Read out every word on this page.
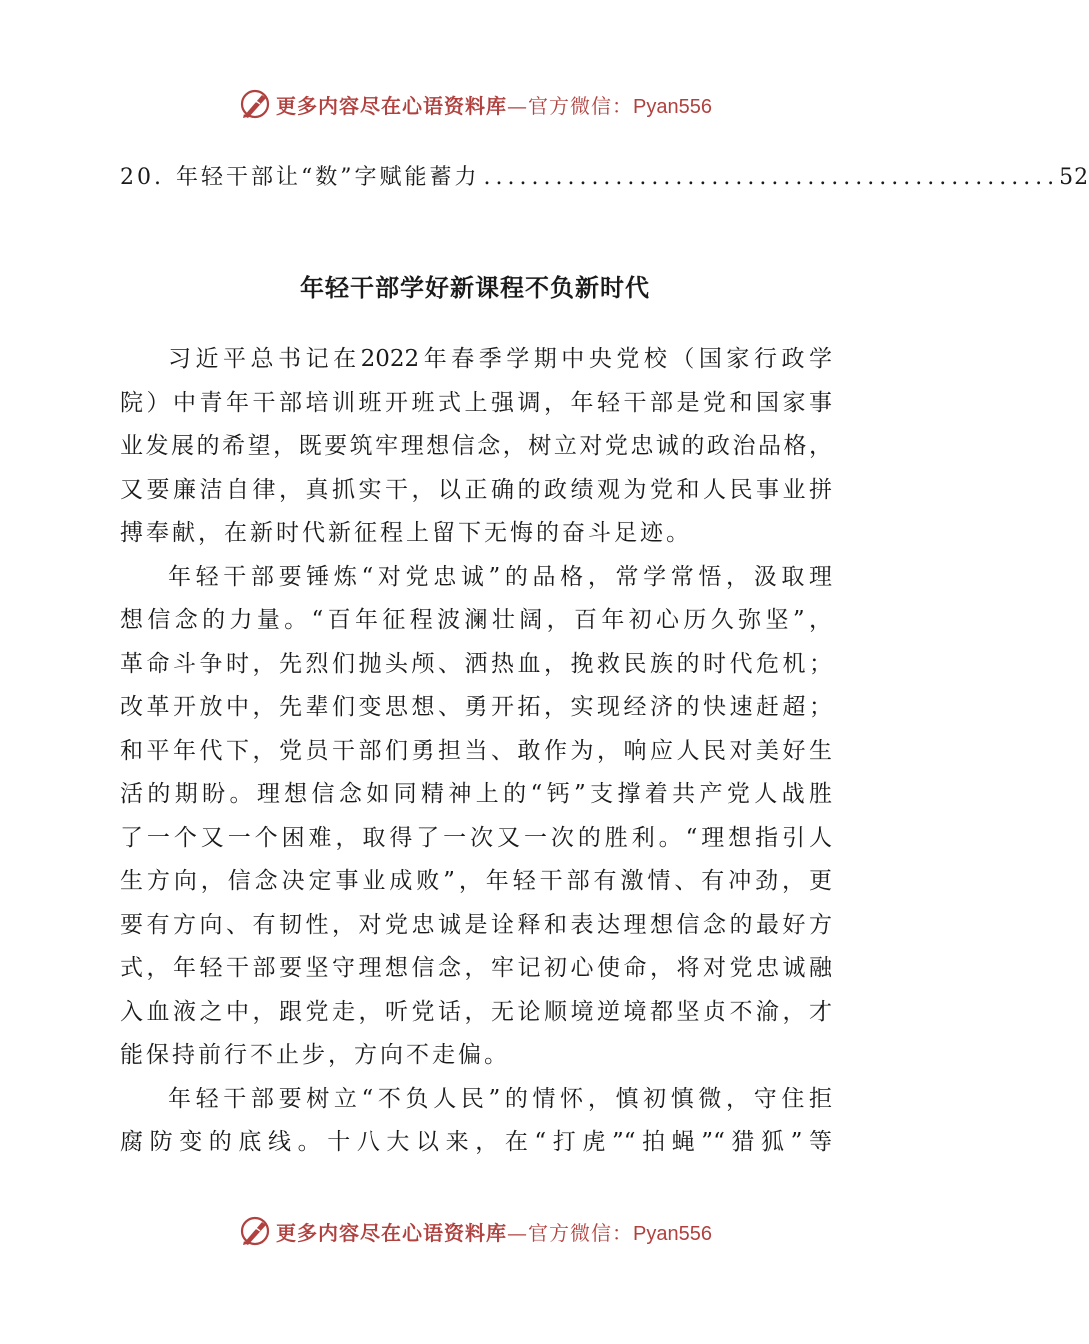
更多内容尽在心语资料库—官方微信：Pyan556
20. 年轻干部让“数”字赋能蓄力 ................................................ 52
年轻干部学好新课程不负新时代
习近平总书记在2022年春季学期中央党校（国家行政学
院）中青年干部培训班开班式上强调，年轻干部是党和国家事
业发展的希望，既要筑牢理想信念，树立对党忠诚的政治品格，
又要廉洁自律，真抓实干，以正确的政绩观为党和人民事业拼
搏奉献，在新时代新征程上留下无悔的奋斗足迹。
年轻干部要锤炼“对党忠诚”的品格，常学常悟，汲取理
想信念的力量。“百年征程波澜壮阔，百年初心历久弥坚”，
革命斗争时，先烈们抛头颅、洒热血，挽救民族的时代危机；
改革开放中，先辈们变思想、勇开拓，实现经济的快速赶超；
和平年代下，党员干部们勇担当、敢作为，响应人民对美好生
活的期盼。理想信念如同精神上的“钙”支撑着共产党人战胜
了一个又一个困难，取得了一次又一次的胜利。“理想指引人
生方向，信念决定事业成败”，年轻干部有激情、有冲劲，更
要有方向、有韧性，对党忠诚是诠释和表达理想信念的最好方
式，年轻干部要坚守理想信念，牢记初心使命，将对党忠诚融
入血液之中，跟党走，听党话，无论顺境逆境都坚贞不渝，才
能保持前行不止步，方向不走偏。
年轻干部要树立“不负人民”的情怀，慎初慎微，守住拒
腐防变的底线。十八大以来，在“打虎”“拍蝇”“猎狐”等
更多内容尽在心语资料库—官方微信：Pyan556
